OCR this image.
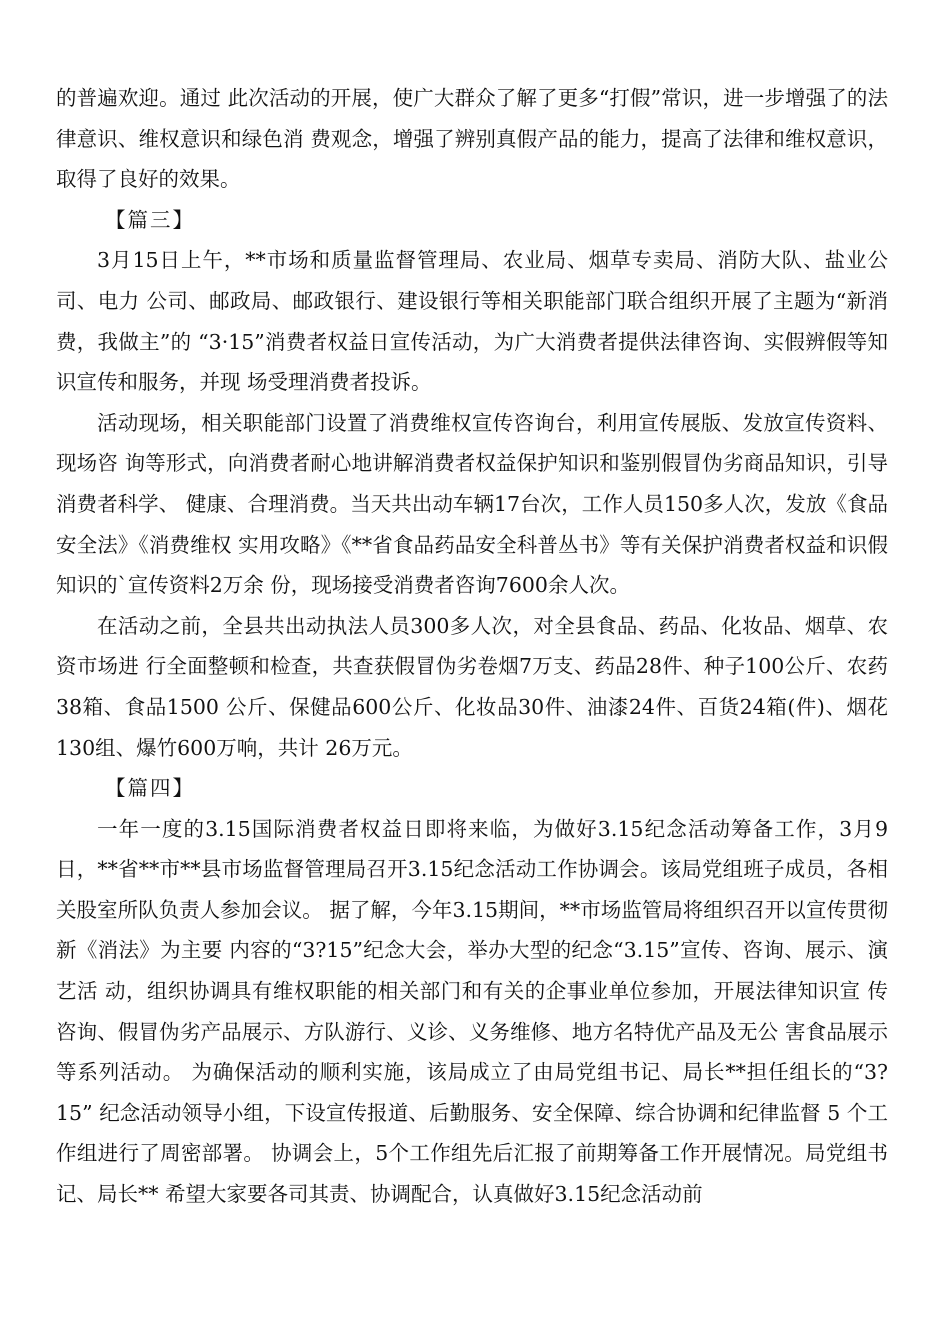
的普遍欢迎。通过 此次活动的开展，使广大群众了解了更多“打假”常识，进一步增强了的法律意识、维权意识和绿色消 费观念，增强了辨别真假产品的能力，提高了法律和维权意识，取得了良好的效果。

【篇三】

3月15日上午，**市场和质量监督管理局、农业局、烟草专卖局、消防大队、盐业公司、电力 公司、邮政局、邮政银行、建设银行等相关职能部门联合组织开展了主题为“新消费，我做主”的 “3·15”消费者权益日宣传活动，为广大消费者提供法律咨询、实假辨假等知识宣传和服务，并现 场受理消费者投诉。

活动现场，相关职能部门设置了消费维权宣传咨询台，利用宣传展版、发放宣传资料、现场咨 询等形式，向消费者耐心地讲解消费者权益保护知识和鉴别假冒伪劣商品知识，引导消费者科学、 健康、合理消费。当天共出动车辆17台次，工作人员150多人次，发放《食品安全法》《消费维权 实用攻略》《**省食品药品安全科普丛书》等有关保护消费者权益和识假知识的`宣传资料2万余 份，现场接受消费者咨询7600余人次。

在活动之前，全县共出动执法人员300多人次，对全县食品、药品、化妆品、烟草、农资市场进 行全面整顿和检查，共查获假冒伪劣卷烟7万支、药品28件、种子100公斤、农药38箱、食品1500 公斤、保健品600公斤、化妆品30件、油漆24件、百货24箱(件)、烟花130组、爆竹600万响，共计 26万元。

【篇四】

一年一度的3.15国际消费者权益日即将来临，为做好3.15纪念活动筹备工作，3月9 日，**省**市**县市场监督管理局召开3.15纪念活动工作协调会。该局党组班子成员，各相关股室所队负责人参加会议。 据了解，今年3.15期间，**市场监管局将组织召开以宣传贯彻新《消法》为主要 内容的“3?15”纪念大会，举办大型的纪念“3.15”宣传、咨询、展示、演艺活 动，组织协调具有维权职能的相关部门和有关的企事业单位参加，开展法律知识宣 传咨询、假冒伪劣产品展示、方队游行、义诊、义务维修、地方名特优产品及无公 害食品展示等系列活动。 为确保活动的顺利实施，该局成立了由局党组书记、局长**担任组长的“3?15” 纪念活动领导小组，下设宣传报道、后勤服务、安全保障、综合协调和纪律监督 5 个工作组进行了周密部署。 协调会上，5个工作组先后汇报了前期筹备工作开展情况。局党组书记、局长** 希望大家要各司其责、协调配合，认真做好3.15纪念活动前
